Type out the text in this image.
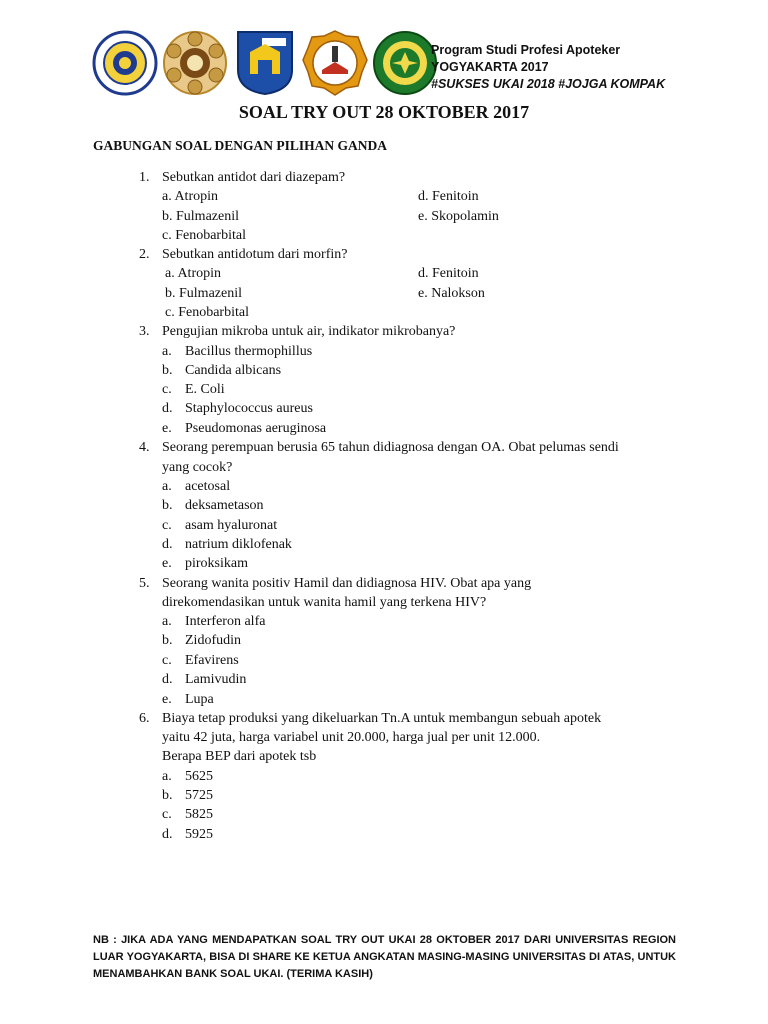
Program Studi Profesi Apoteker
YOGYAKARTA 2017
#SUKSES UKAI 2018 #JOJGA KOMPAK
SOAL TRY OUT 28 OKTOBER 2017
GABUNGAN SOAL DENGAN PILIHAN GANDA
1. Sebutkan antidot dari diazepam?
a. Atropin	d. Fenitoin
b. Fulmazenil	e. Skopolamin
c. Fenobarbital
2. Sebutkan antidotum dari morfin?
a. Atropin	d. Fenitoin
b. Fulmazenil	e. Nalokson
c. Fenobarbital
3. Pengujian mikroba untuk air, indikator mikrobanya?
a. Bacillus thermophillus
b. Candida albicans
c. E. Coli
d. Staphylococcus aureus
e. Pseudomonas aeruginosa
4. Seorang perempuan berusia 65 tahun didiagnosa dengan OA. Obat pelumas sendi
yang cocok?
a. acetosal
b. deksametason
c. asam hyaluronat
d. natrium diklofenak
e. piroksikam
5. Seorang wanita positiv Hamil dan didiagnosa HIV. Obat apa yang
direkomendasikan untuk wanita hamil yang terkena HIV?
a. Interferon alfa
b. Zidofudin
c. Efavirens
d. Lamivudin
e. Lupa
6. Biaya tetap produksi yang dikeluarkan Tn.A untuk membangun sebuah apotek
yaitu 42 juta, harga variabel unit 20.000, harga jual per unit 12.000.
Berapa BEP dari apotek tsb
a. 5625
b. 5725
c. 5825
d. 5925
NB : JIKA ADA YANG MENDAPATKAN SOAL TRY OUT UKAI 28 OKTOBER 2017 DARI UNIVERSITAS REGION LUAR YOGYAKARTA, BISA DI SHARE KE KETUA ANGKATAN MASING-MASING UNIVERSITAS DI ATAS, UNTUK MENAMBAHKAN BANK SOAL UKAI. (TERIMA KASIH)
